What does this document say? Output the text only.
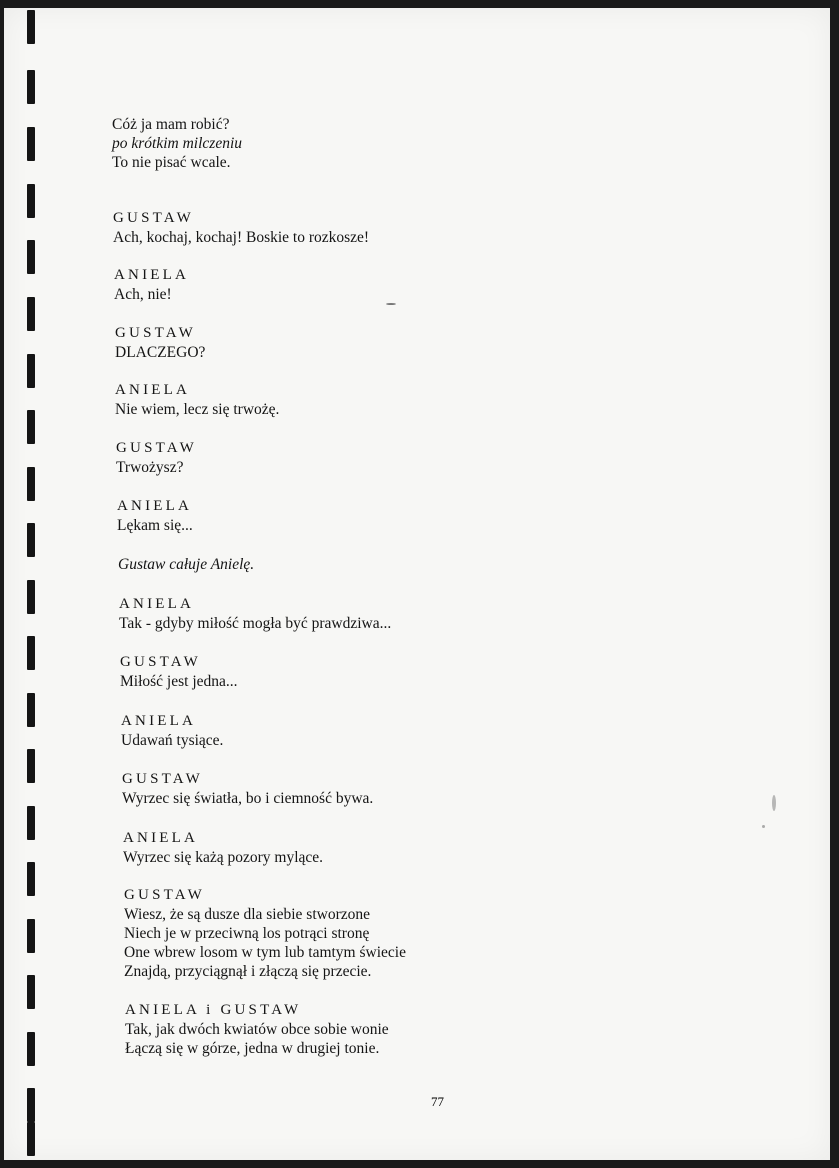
Cóż ja mam robić?
po krótkim milczeniu
To nie pisać wcale.
GUSTAW
Ach, kochaj, kochaj! Boskie to rozkosze!
ANIELA
Ach, nie!
GUSTAW
DLACZEGO?
ANIELA
Nie wiem, lecz się trwożę.
GUSTAW
Trwożysz?
ANIELA
Lękam się...
Gustaw całuje Anielę.
ANIELA
Tak - gdyby miłość mogła być prawdziwa...
GUSTAW
Miłość jest jedna...
ANIELA
Udawań tysiące.
GUSTAW
Wyrzec się światła, bo i ciemność bywa.
ANIELA
Wyrzec się każą pozory mylące.
GUSTAW
Wiesz, że są dusze dla siebie stworzone
Niech je w przeciwną los potrąci stronę
One wbrew losom w tym lub tamtym świecie
Znajdą, przyciągnął i złączą się przecie.
ANIELA i GUSTAW
Tak, jak dwóch kwiatów obce sobie wonie
Łączą się w górze, jedna w drugiej tonie.
77
